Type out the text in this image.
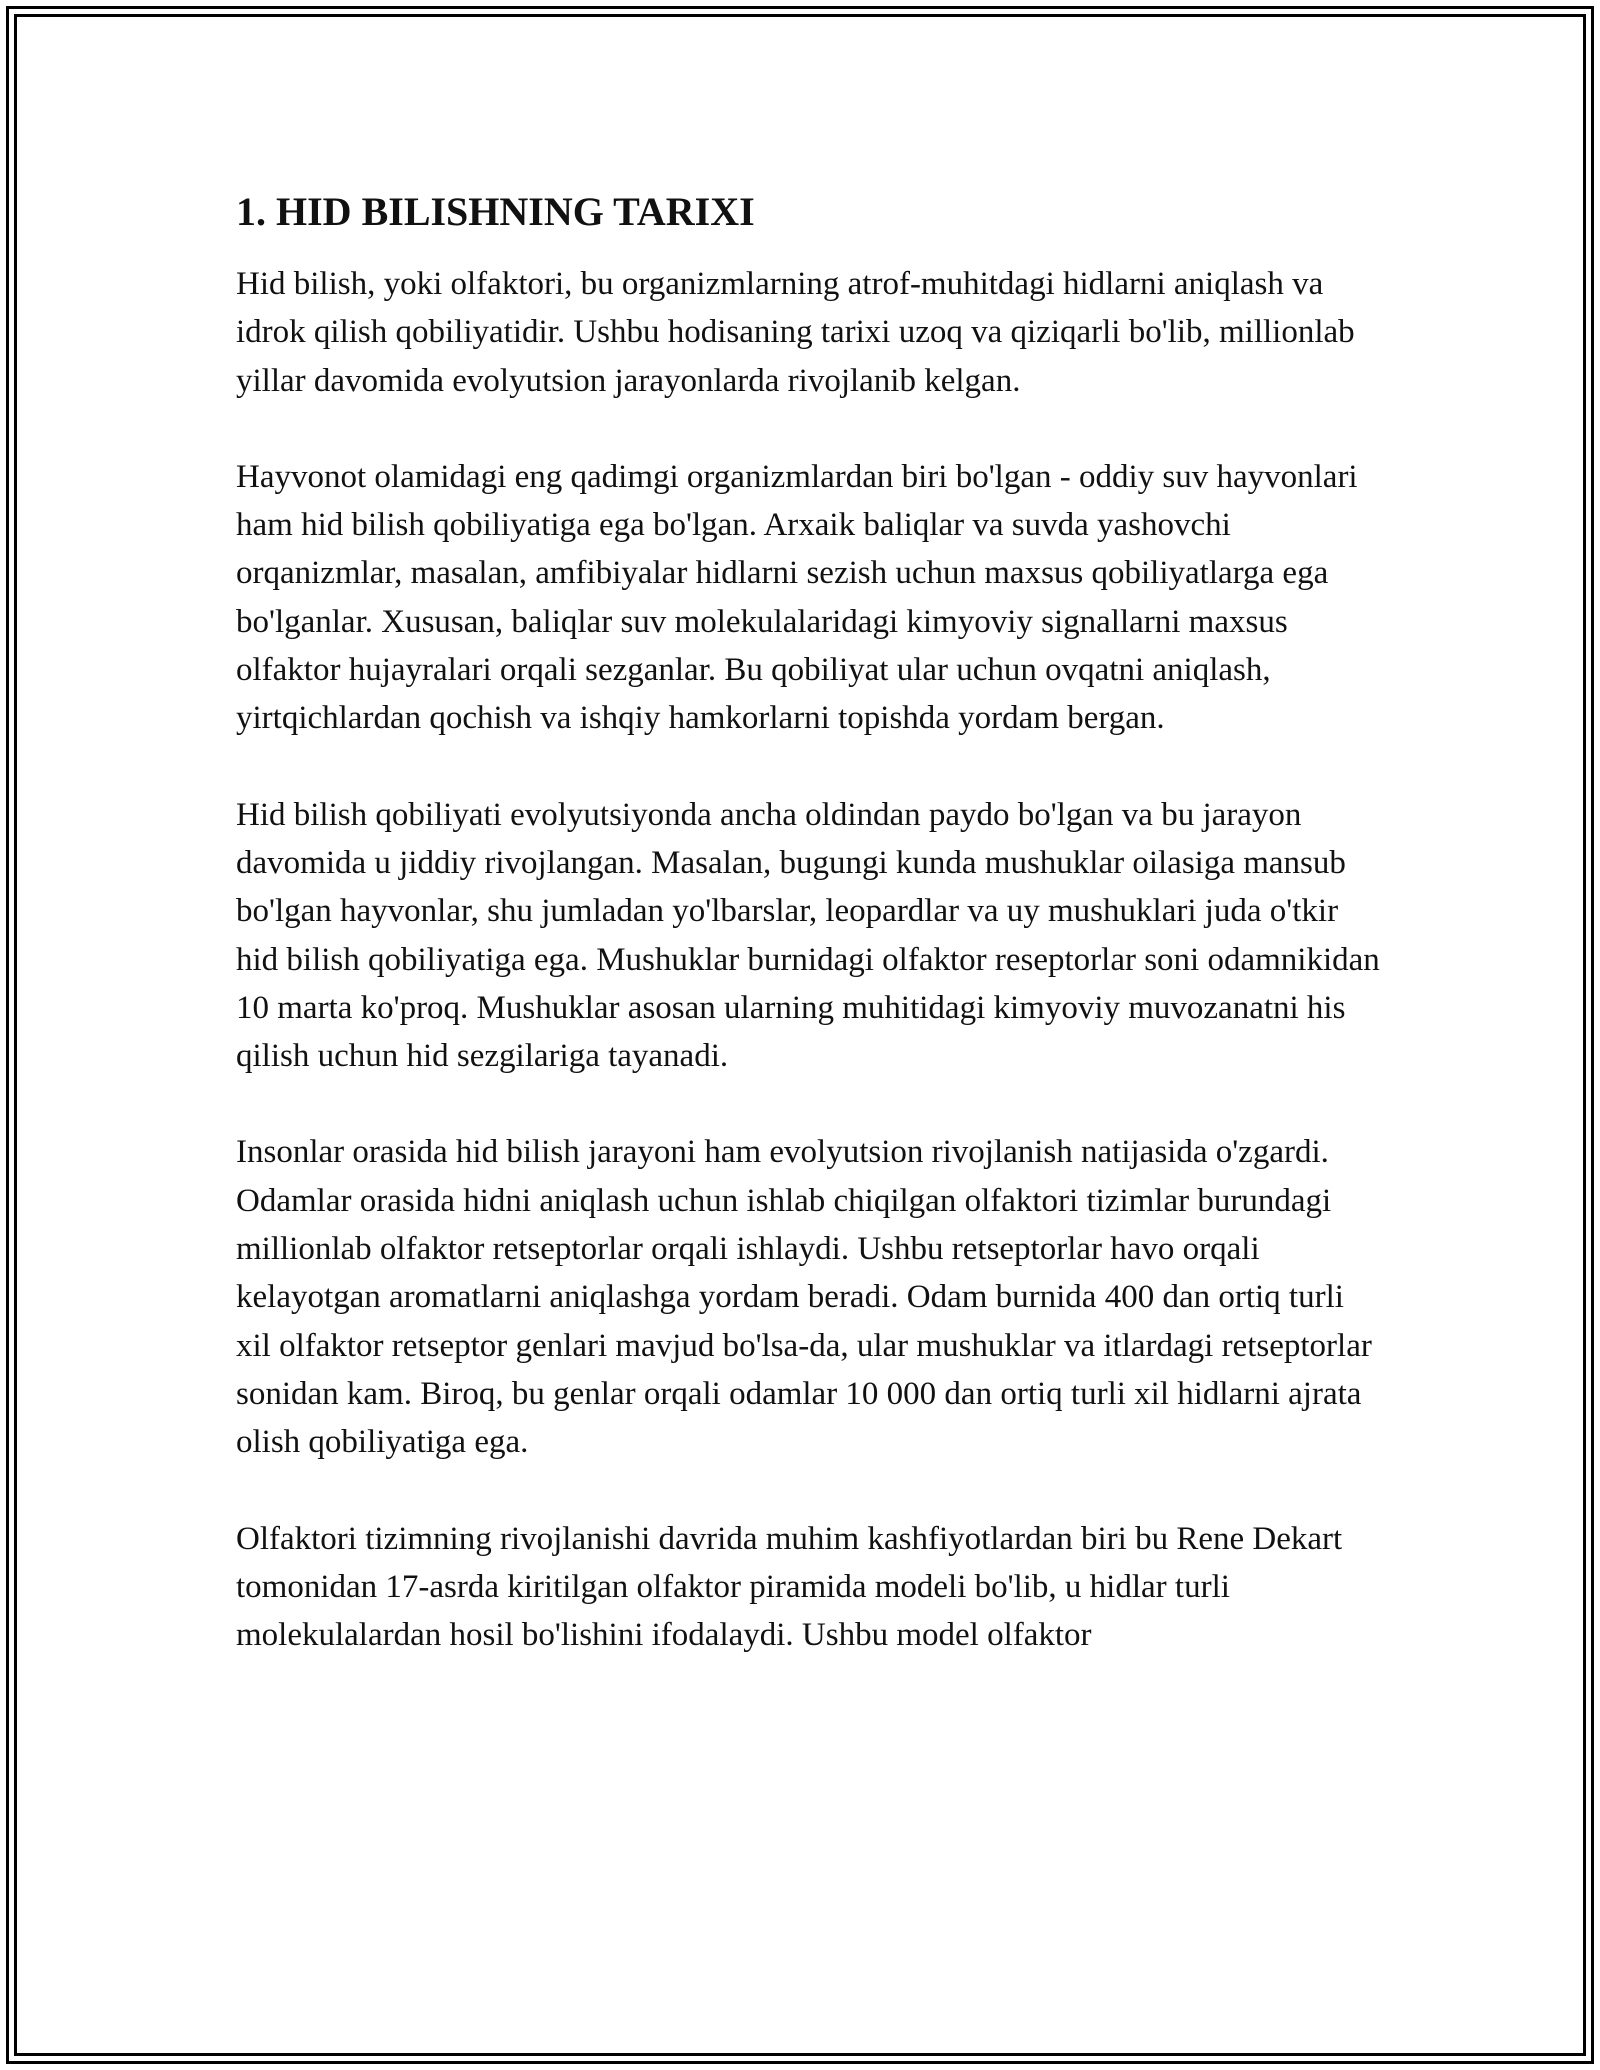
1. HID BILISHNING TARIXI

Hid bilish, yoki olfaktori, bu organizmlarning atrof-muhitdagi hidlarni aniqlash va idrok qilish qobiliyatidir. Ushbu hodisaning tarixi uzoq va qiziqarli bo'lib, millionlab yillar davomida evolyutsion jarayonlarda rivojlanib kelgan.

Hayvonot olamidagi eng qadimgi organizmlardan biri bo'lgan - oddiy suv hayvonlari ham hid bilish qobiliyatiga ega bo'lgan. Arxaik baliqlar va suvda yashovchi orqanizmlar, masalan, amfibiyalar hidlarni sezish uchun maxsus qobiliyatlarga ega bo'lganlar. Xususan, baliqlar suv molekulalaridagi kimyoviy signallarni maxsus olfaktor hujayralari orqali sezganlar. Bu qobiliyat ular uchun ovqatni aniqlash, yirtqichlardan qochish va ishqiy hamkorlarni topishda yordam bergan.

Hid bilish qobiliyati evolyutsiyonda ancha oldindan paydo bo'lgan va bu jarayon davomida u jiddiy rivojlangan. Masalan, bugungi kunda mushuklar oilasiga mansub bo'lgan hayvonlar, shu jumladan yo'lbarslar, leopardlar va uy mushuklari juda o'tkir hid bilish qobiliyatiga ega. Mushuklar burnidagi olfaktor reseptorlar soni odamnikidan 10 marta ko'proq. Mushuklar asosan ularning muhitidagi kimyoviy muvozanatni his qilish uchun hid sezgilariga tayanadi.

Insonlar orasida hid bilish jarayoni ham evolyutsion rivojlanish natijasida o'zgardi. Odamlar orasida hidni aniqlash uchun ishlab chiqilgan olfaktori tizimlar burundagi millionlab olfaktor retseptorlar orqali ishlaydi. Ushbu retseptorlar havo orqali kelayotgan aromatlarni aniqlashga yordam beradi. Odam burnida 400 dan ortiq turli xil olfaktor retseptor genlari mavjud bo'lsa-da, ular mushuklar va itlardagi retseptorlar sonidan kam. Biroq, bu genlar orqali odamlar 10 000 dan ortiq turli xil hidlarni ajrata olish qobiliyatiga ega.

Olfaktori tizimning rivojlanishi davrida muhim kashfiyotlardan biri bu Rene Dekart tomonidan 17-asrda kiritilgan olfaktor piramida modeli bo'lib, u hidlar turli molekulalardan hosil bo'lishini ifodalaydi. Ushbu model olfaktor
